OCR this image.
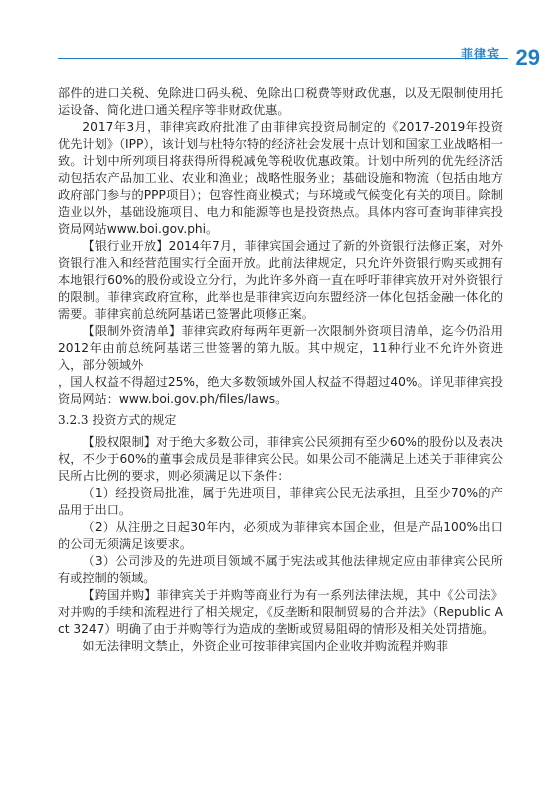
菲律宾 29

部件的进口关税、免除进口码头税、免除出口税费等财政优惠，以及无限制使用托运设备、简化进口通关程序等非财政优惠。

2017年3月，菲律宾政府批准了由菲律宾投资局制定的《2017-2019年投资优先计划》（IPP），该计划与杜特尔特的经济社会发展十点计划和国家工业战略相一致。计划中所列项目将获得所得税减免等税收优惠政策。计划中所列的优先经济活动包括农产品加工业、农业和渔业；战略性服务业；基础设施和物流（包括由地方政府部门参与的PPP项目）；包容性商业模式；与环境或气候变化有关的项目。除制造业以外，基础设施项目、电力和能源等也是投资热点。具体内容可查询菲律宾投资局网站www.boi.gov.phi。

【银行业开放】2014年7月，菲律宾国会通过了新的外资银行法修正案，对外资银行准入和经营范围实行全面开放。此前法律规定，只允许外资银行购买或拥有本地银行60%的股份或设立分行，为此许多外商一直在呼吁菲律宾放开对外资银行的限制。菲律宾政府宣称，此举也是菲律宾迈向东盟经济一体化包括金融一体化的需要。菲律宾前总统阿基诺已签署此项修正案。

【限制外资清单】菲律宾政府每两年更新一次限制外资项目清单，迄今仍沿用2012年由前总统阿基诺三世签署的第九版。其中规定，11种行业不允许外资进入，部分领域外

，国人权益不得超过25%，绝大多数领域外国人权益不得超过40%。详见菲律宾投资局网站：www.boi.gov.ph/files/laws。

3.2.3 投资方式的规定

【股权限制】对于绝大多数公司，菲律宾公民须拥有至少60%的股份以及表决权，不少于60%的董事会成员是菲律宾公民。如果公司不能满足上述关于菲律宾公民所占比例的要求，则必须满足以下条件：

（1）经投资局批准，属于先进项目，菲律宾公民无法承担，且至少70%的产品用于出口。

（2）从注册之日起30年内，必须成为菲律宾本国企业，但是产品100%出口的公司无须满足该要求。

（3）公司涉及的先进项目领域不属于宪法或其他法律规定应由菲律宾公民所有或控制的领域。

【跨国并购】菲律宾关于并购等商业行为有一系列法律法规，其中《公司法》对并购的手续和流程进行了相关规定，《反垄断和限制贸易的合并法》（Republic Act 3247）明确了由于并购等行为造成的垄断或贸易阻碍的情形及相关处罚措施。

如无法律明文禁止，外资企业可按菲律宾国内企业收并购流程并购菲
